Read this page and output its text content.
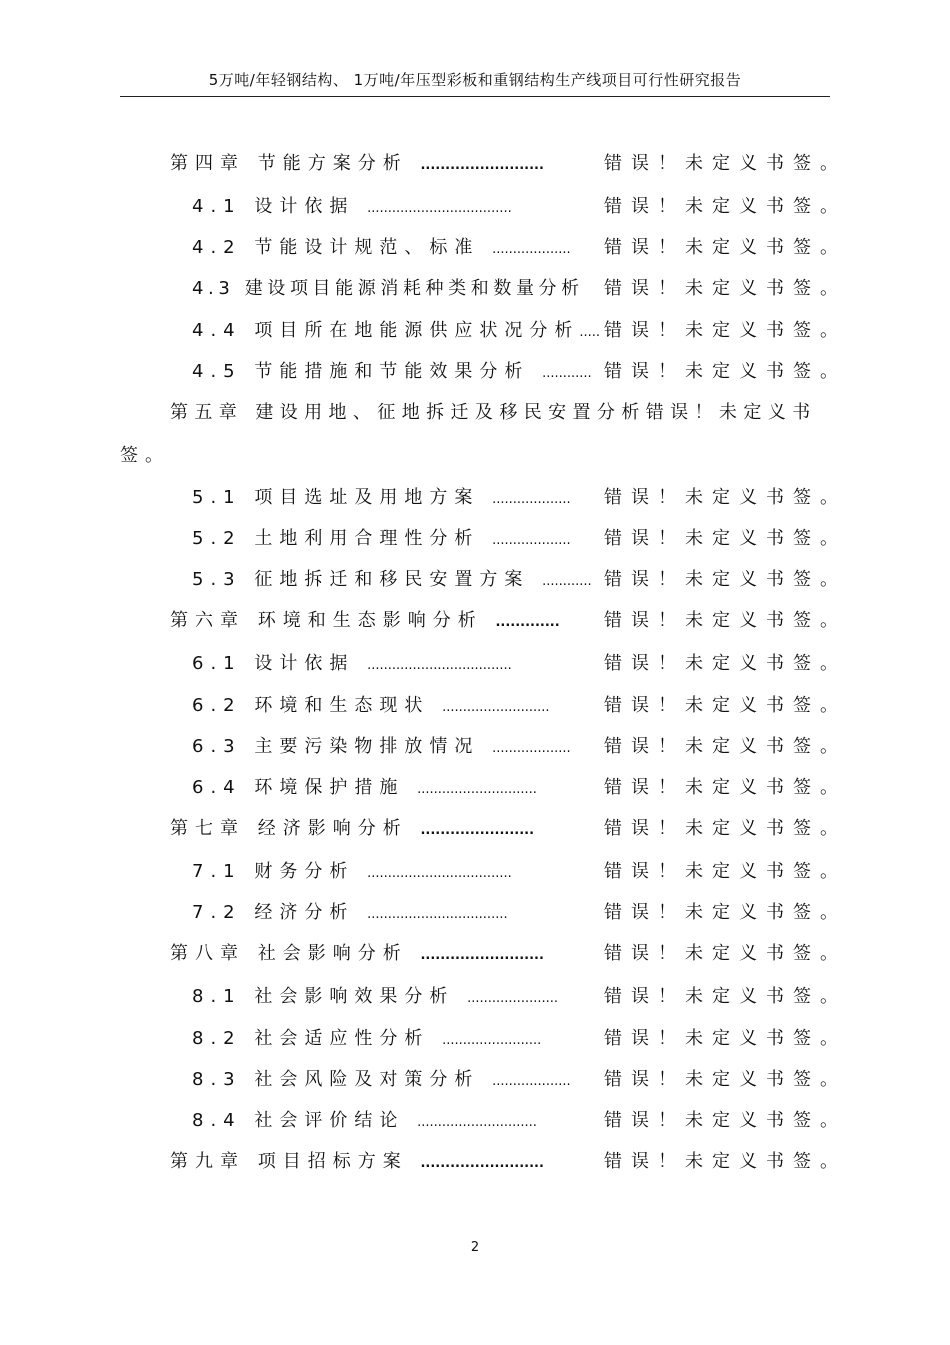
5万吨/年轻钢结构、 1万吨/年压型彩板和重钢结构生产线项目可行性研究报告
第四章 节能方案分析 .........................	错误！未定义书签。
4.1 设计依据 ...................................	错误！未定义书签。
4.2 节能设计规范、标准 ................... 错误！未定义书签。
4.3 建设项目能源消耗种类和数量分析 错误！未定义书签。
4.4 项目所在地能源供应状况分析..... 错误！未定义书签。
4.5 节能措施和节能效果分析 ............ 错误！未定义书签。
第五章 建设用地、征地拆迁及移民安置分析错误！未定义书
签。
5.1 项目选址及用地方案 ................... 错误！未定义书签。
5.2 土地利用合理性分析 ................... 错误！未定义书签。
5.3 征地拆迁和移民安置方案 ............ 错误！未定义书签。
第六章 环境和生态影响分析 ............. 错误！未定义书签。
6.1 设计依据 ...................................	错误！未定义书签。
6.2 环境和生态现状 ..........................	错误！未定义书签。
6.3 主要污染物排放情况 ................... 错误！未定义书签。
6.4 环境保护措施 .............................	错误！未定义书签。
第七章 经济影响分析 .......................	错误！未定义书签。
7.1 财务分析 ...................................	错误！未定义书签。
7.2 经济分析 ..................................	错误！未定义书签。
第八章 社会影响分析 .........................	错误！未定义书签。
8.1 社会影响效果分析 ......................	错误！未定义书签。
8.2 社会适应性分析 ........................	错误！未定义书签。
8.3 社会风险及对策分析 ................... 错误！未定义书签。
8.4 社会评价结论 .............................	错误！未定义书签。
第九章 项目招标方案 .........................	错误！未定义书签。
2
